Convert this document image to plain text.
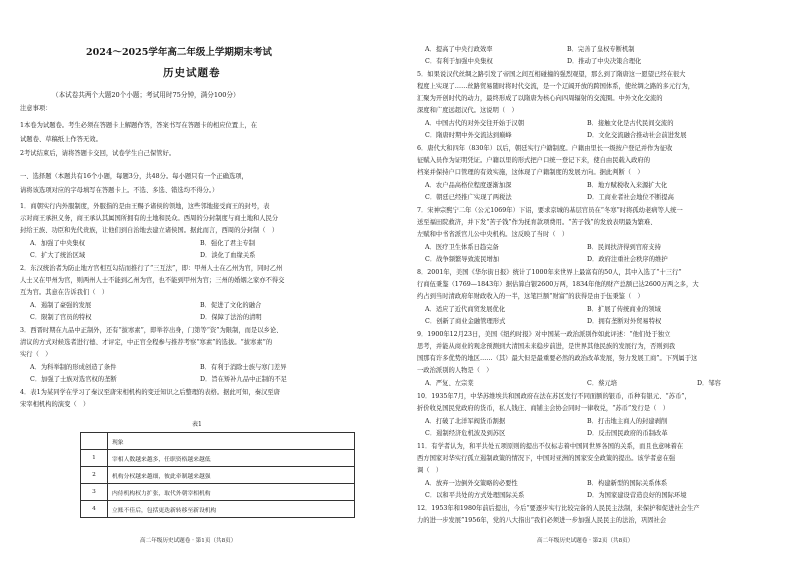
2024～2025学年高二年级上学期期末考试
历史试题卷
（本试卷共两个大题20个小题；考试用时75分钟，满分100分）
注意事项：
1本卷为试题卷。考生必须在答题卡上解题作答，答案书写在答题卡的相应位置上，在
试题卷、草稿纸上作答无效。
2考试结束后，请将答题卡交回，试卷学生自己保管好。
一、选择题（本题共有16个小题，每题3分，共48分。每小题只有一个正确选项，
请将该选项对应的字母填写在答题卡上。不选、多选、错选均不得分。）
1．商朝实行内外服制度，外服指的是由王赐予诸侯的领地，这些邻地接受商王的封号，表
示对商王承担义务，商王承认其属国所拥有的土地和民众。西周的分封制度与商土地和人民分
封给王族、功臣和先代贵族，让他们到自治地去建立诸侯国。据此而言，西周的分封制（　）
A．加强了中央集权	B．强化了君主专制
C．扩大了统治区域	D．淡化了血缘关系
2．东汉统治者为防止地方官相互勾结而推行了“三互法”，即：甲州人士在乙州为官，同时乙州
人士又在甲州为官，则两州人士不能到乙州为官，也不能到甲州为官；三州的婚姻之家亦不得交
互为官。其意在告诉我们（　）
A．遏制了豪强的发展	B．促进了文化的融合
C．限制了官员的特权	D．保障了法治的清明
3．西晋时期在九品中正制外，还有“拔寒素”，即举荐出身，门第等“资”为限制，而是以乡论、
清议的方式对候选者进行德、才评定，中正官全程参与推荐考察“寒素”的选拔。“拔寒素”的
实行（　）
A．为科举制的形成创造了条件	B．有利于消除士族与寒门差异
C．加强了士族对选官权的垄断	D．旨在矫补九品中正制的不足
4．表1为某同学在学习了秦汉至唐宋相机构的变迁知识之后整理的表格。据此可知，秦汉至唐
宋宰相机构的演变（　）
表1
	现象
1	宰相人数越来越多，任职资格越来越低
2	机构分权越来越细，彼此牵制越来越强
3	内侍机构权力扩张，取代外朝宰相机构
4	立账不佳后，包括更迭新转移至新设机构
高二年级历史试题卷 · 第1页（共8页）
A．提高了中央行政效率	B．完善了皇权专断机制
C．有利于加强中央集权	D．推动了中央决策合理化
5．如果说汉代丝绸之路引发了帝国之间互相碰撞的强烈观望，那么到了隋唐这一愿望已经在很大
程度上实现了……丝路贸易随时将时代交流，是一个辽阔开放的跨国体系，使丝绸之路的多元行为，
汇聚为开创时代的动力，最终形成了以隋唐为核心向四周辐射的交流圈。中外文化交流的
深度和广度远超汉代。这说明（　）
A．中国古代的对外交往开始于汉朝	B．接触文化是古代民间交流的
C．隋唐时期中外交流达到巅峰	D．文化交流融合推动社会前进发展
6．唐代大和四年（830年）以后，朝廷实行户籍制度。户籍由里长一级按户登记并作为征收
征赋入员作为证明凭证。户籍以里的形式把户口统一登记下来，使自由民载入政府的
档案并保持户口管理的有效实施，这体现了户籍制度的发展方向。据此判断（　）
A．农户品高格位程度逐渐加深	B．地方赋税收入来源扩大化
C．朝廷已经推广实现了两税法	D．工商业者社会地位不断提高
7．宋神宗熙宁二年（公元1069年）下诏，要求京城的基层官员在“冬寒”时将孤幼老病等人统一
送至福田院救济，并下发“苦子钱”作为抚育款项费用。“苦子钱”的发放表明最为繁难、
左赋和中书省派官儿公中央机构。这反映了当时（　）
A．医疗卫生体系日趋完备	B．民间扶济得到官府支持
C．战争频繁导致流民增加	D．政府注重社会秩序的维护
8．2001年，美国《华尔街日报》统计了1000年来世界上最富有的50人，其中入选了“十三行”
行商伍秉鉴（1769—1843年）据估算白银2600万两，1834年他的财产总额已达2600万两之多，大
约占到当时清政府年财政收入的一半，这笔巨额“财富”的获得是由于伍秉鉴（　）
A．适应了近代商贸发展优化	B．扩展了传统商业的领域
C．创新了商业金融管理形式	D．拥有垄断对外贸易特权
9．1900年12月23日，美国《纽约时报》对中国某一政治派别作如此评述：“他们处于独立
思考，并能从商业的观念预测到大清国未来稳步前进，是世界其他民族的发展行为，否则到我
国那有许多优势的地区……（其）最大但是最重要必然的政治改革发展，努力发展工商”。下列属于这
一政治派别的人物是（　）
A．严复、左宗棠	C．蔡元培	D．邹容
10．1935年7月，中华苏维埃共和国政府在法在苏区发行不同面额的银币，币种有银元、“苏币”，
折价收兑国民党政府的货币，私人钱庄、商铺主会协会同时一律收兑，“苏币”发行是（　）
A．打破了北洋军阀货币割据	B．打击地主商人的封建剥削
C．遏制经济危机波及到苏区	D．反击国民政府的币制改革
11．有学者认为，和平共处五项原则的提出不仅标志着中国同世界各国的关系，而且也意味着在
西方国家对华实行孤立遏制政策的情况下，中国对亚洲的国家安全政策的提出。该学者意在强
调（　）
A．放弃一边倒外交策略的必要性	B．构建新型的国际关系体系
C．以和平共处的方式处理国际关系	D．为国家建设营造良好的国际环境
12．1953年和1980年前后提出，今后“要逐步实行比较完备的人民民主法制，来保护和促进社会生产
力的进一步发展”1956年，党的八大指出“我们必须进一步加强人民民主的法治，巩固社会
高二年级历史试题卷 · 第2页（共8页）
